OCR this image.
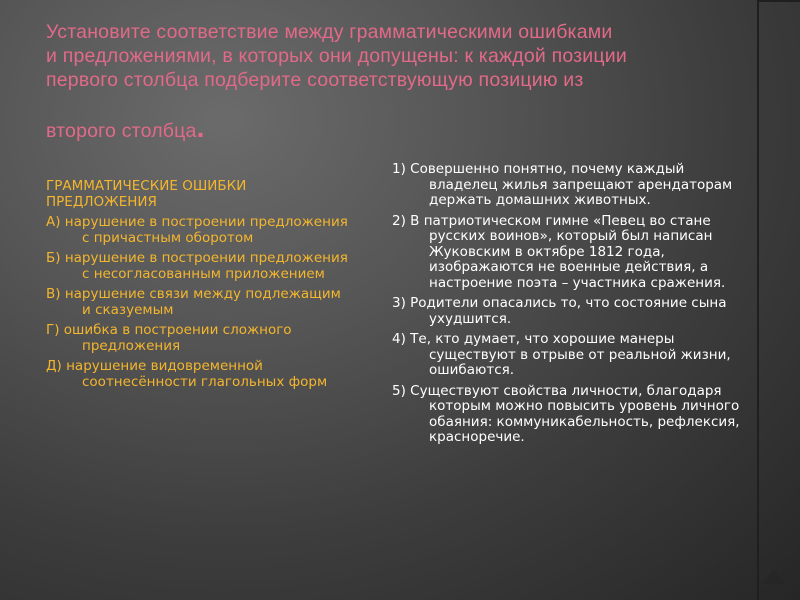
Установите соответствие между грамматическими ошибками
и предложениями, в которых они допущены: к каждой позиции
первого столбца подберите соответствующую позицию из
второго столбца.
ГРАММАТИЧЕСКИЕ ОШИБКИ
ПРЕДЛОЖЕНИЯ
А) нарушение в построении предложения с причастным оборотом
Б) нарушение в построении предложения с несогласованным приложением
В) нарушение связи между подлежащим и сказуемым
Г) ошибка в построении сложного предложения
Д) нарушение видовременной соотнесённости глагольных форм
1) Совершенно понятно, почему каждый владелец жилья запрещают арендаторам держать домашних животных.
2) В патриотическом гимне «Певец во стане русских воинов», который был написан Жуковским в октябре 1812 года, изображаются не военные действия, а настроение поэта – участника сражения.
3) Родители опасались то, что состояние сына ухудшится.
4) Те, кто думает, что хорошие манеры существуют в отрыве от реальной жизни, ошибаются.
5) Существуют свойства личности, благодаря которым можно повысить уровень личного обаяния: коммуникабельность, рефлексия, красноречие.
